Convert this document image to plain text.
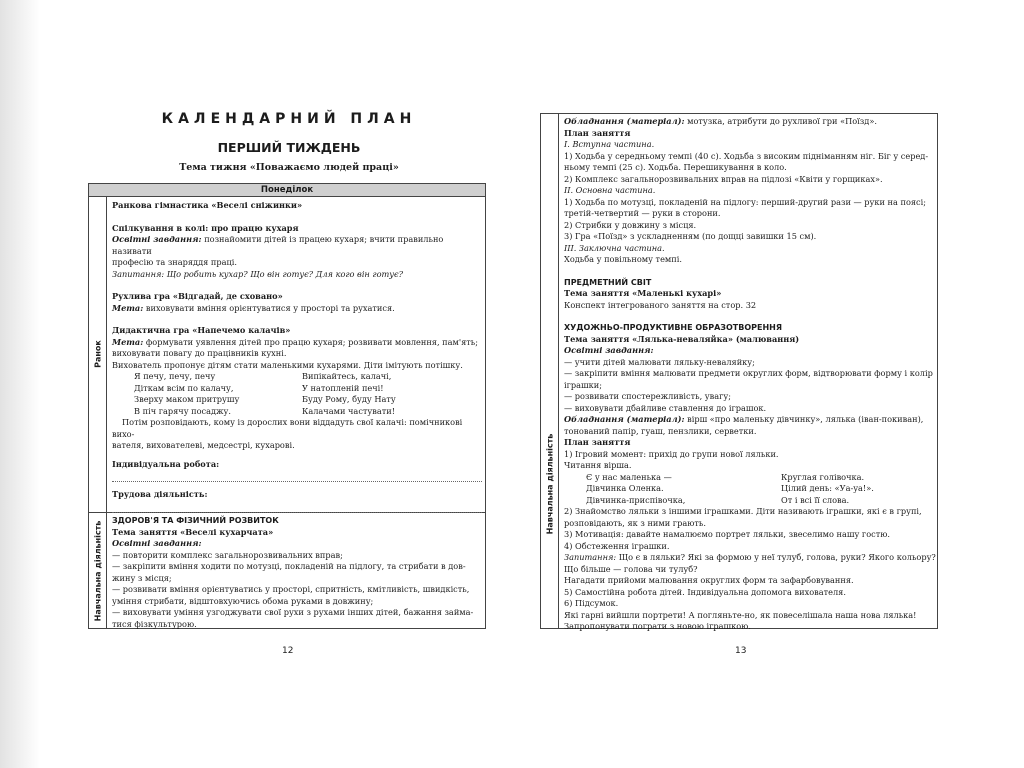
КАЛЕНДАРНИЙ ПЛАН
ПЕРШИЙ ТИЖДЕНЬ
Тема тижня «Поважаємо людей праці»
Понеділок
Ранок
Навчальна діяльність

Ранкова гімнастика «Веселі сніжинки»

Спілкування в колі: про працю кухаря

Освітні завдання: познайомити дітей із працею кухаря; вчити правильно називати

професію та знаряддя праці.

Запитання: Що робить кухар? Що він готує? Для кого він готує?

Рухлива гра «Відгадай, де сховано»

Мета: виховувати вміння орієнтуватися у просторі та рухатися.

Дидактична гра «Напечемо калачів»

Мета: формувати уявлення дітей про працю кухаря; розвивати мовлення, пам'ять;

виховувати повагу до працівників кухні.

Вихователь пропонує дітям стати маленькими кухарями. Діти імітують потішку.

Я печу, печу, печу	Випікайтесь, калачі,
Діткам всім по калачу,	У натопленій печі!
Зверху маком притрушу	Буду Рому, буду Нату
В піч гарячу посаджу.	Калачами частувати!

Потім розповідають, кому із дорослих вони віддадуть свої калачі: помічникові вихо-

вателя, вихователеві, медсестрі, кухарові.

Індивідуальна робота:

Трудова діяльність:

ЗДОРОВ'Я ТА ФІЗИЧНИЙ РОЗВИТОК

Тема заняття «Веселі кухарчата»

Освітні завдання:

— повторити комплекс загальнорозвивальних вправ;

— закріпити вміння ходити по мотузці, покладеній на підлогу, та стрибати в дов-

жину з місця;

— розвивати вміння орієнтуватись у просторі, спритність, кмітливість, швидкість,

уміння стрибати, відштовхуючись обома руками в довжину;

— виховувати уміння узгоджувати свої рухи з рухами інших дітей, бажання займа-

тися фізкультурою.

12
Навчальна діяльність

Обладнання (матеріал): мотузка, атрибути до рухливої гри «Поїзд».

План заняття

I. Вступна частина.

1) Ходьба у середньому темпі (40 с). Ходьба з високим підніманням ніг. Біг у серед-

ньому темпі (25 с). Ходьба. Перешикування в коло.

2) Комплекс загальнорозвивальних вправ на підлозі «Квіти у горщиках».

II. Основна частина.

1) Ходьба по мотузці, покладеній на підлогу: перший-другий рази — руки на поясі;

третій-четвертий — руки в сторони.

2) Стрибки у довжину з місця.

3) Гра «Поїзд» з ускладненням (по дощці завишки 15 см).

III. Заключна частина.

Ходьба у повільному темпі.

ПРЕДМЕТНИЙ СВІТ

Тема заняття «Маленькі кухарі»

Конспект інтегрованого заняття на стор. 32

ХУДОЖНЬО-ПРОДУКТИВНЕ ОБРАЗОТВОРЕННЯ

Тема заняття «Лялька-неваляйка» (малювання)

Освітні завдання:

— учити дітей малювати ляльку-неваляйку;

— закріпити вміння малювати предмети округлих форм, відтворювати форму і колір

іграшки;

— розвивати спостережливість, увагу;

— виховувати дбайливе ставлення до іграшок.

Обладнання (матеріал): вірш «про маленьку дівчинку», лялька (іван-покиван),

тонований папір, гуаш, пензлики, серветки.

План заняття

1) Ігровий момент: прихід до групи нової ляльки.

Читання вірша.

Є у нас маленька —	Круглая голівочка.
Дівчинка Оленка.	Цілий день: «Уа-уа!».
Дівчинка-приспівочка,	От і всі її слова.

2) Знайомство ляльки з іншими іграшками. Діти називають іграшки, які є в групі,

розповідають, як з ними грають.

3) Мотивація: давайте намалюємо портрет ляльки, звеселимо нашу гостю.

4) Обстеження іграшки.

Запитання: Що є в ляльки? Які за формою у неї тулуб, голова, руки? Якого кольору?

Що більше — голова чи тулуб?

Нагадати прийоми малювання округлих форм та зафарбовування.

5) Самостійна робота дітей. Індивідуальна допомога вихователя.

6) Підсумок.

Які гарні вийшли портрети! А погляньте-но, як повеселішала наша нова лялька!

Запропонувати пограти з новою іграшкою.

13
